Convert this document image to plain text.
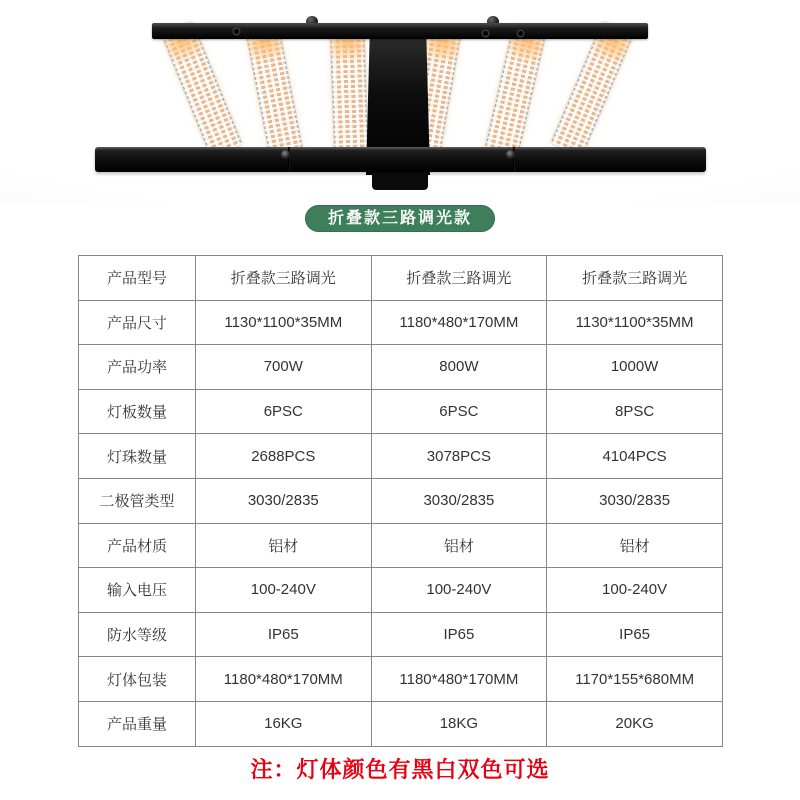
折叠款三路调光款
产品型号	折叠款三路调光	折叠款三路调光	折叠款三路调光
产品尺寸	1130*1100*35MM	1180*480*170MM	1130*1100*35MM
产品功率	700W	800W	1000W
灯板数量	6PSC	6PSC	8PSC
灯珠数量	2688PCS	3078PCS	4104PCS
二极管类型	3030/2835	3030/2835	3030/2835
产品材质	铝材	铝材	铝材
输入电压	100-240V	100-240V	100-240V
防水等级	IP65	IP65	IP65
灯体包装	1180*480*170MM	1180*480*170MM	1170*155*680MM
产品重量	16KG	18KG	20KG
注：灯体颜色有黑白双色可选
